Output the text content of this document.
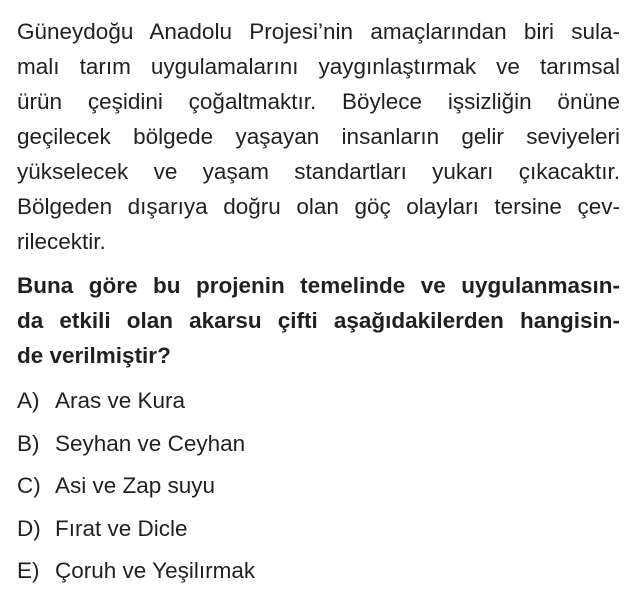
Güneydoğu Anadolu Projesi’nin amaçlarından biri sula-
malı tarım uygulamalarını yaygınlaştırmak ve tarımsal
ürün çeşidini çoğaltmaktır. Böylece işsizliğin önüne
geçilecek bölgede yaşayan insanların gelir seviyeleri
yükselecek ve yaşam standartları yukarı çıkacaktır.
Bölgeden dışarıya doğru olan göç olayları tersine çev-
rilecektir.
Buna göre bu projenin temelinde ve uygulanmasın-
da etkili olan akarsu çifti aşağıdakilerden hangisin-
de verilmiştir?
A) Aras ve Kura
B) Seyhan ve Ceyhan
C) Asi ve Zap suyu
D) Fırat ve Dicle
E) Çoruh ve Yeşilırmak
